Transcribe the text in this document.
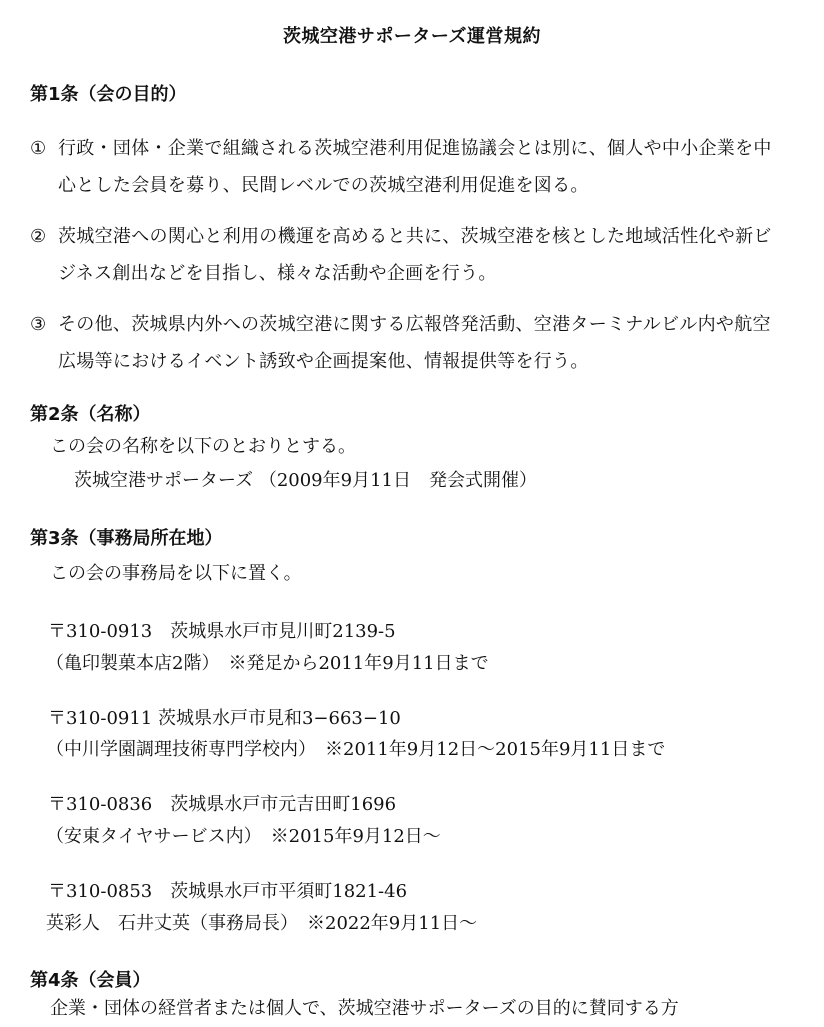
茨城空港サポーターズ運営規約
第1条（会の目的）
① 行政・団体・企業で組織される茨城空港利用促進協議会とは別に、個人や中小企業を中
心とした会員を募り、民間レベルでの茨城空港利用促進を図る。
② 茨城空港への関心と利用の機運を高めると共に、茨城空港を核とした地域活性化や新ビ
ジネス創出などを目指し、様々な活動や企画を行う。
③ その他、茨城県内外への茨城空港に関する広報啓発活動、空港ターミナルビル内や航空
広場等におけるイベント誘致や企画提案他、情報提供等を行う。
第2条（名称）
この会の名称を以下のとおりとする。
茨城空港サポーターズ （2009年9月11日　発会式開催）
第3条（事務局所在地）
この会の事務局を以下に置く。
〒310-0913　茨城県水戸市見川町2139-5
（亀印製菓本店2階）　※発足から2011年9月11日まで
〒310-0911 茨城県水戸市見和3−663−10
（中川学園調理技術専門学校内）　※2011年9月12日～2015年9月11日まで
〒310-0836　茨城県水戸市元吉田町1696
（安東タイヤサービス内）　※2015年9月12日～
〒310-0853　茨城県水戸市平須町1821-46
英彩人　石井丈英（事務局長）　※2022年9月11日～
第4条（会員）
企業・団体の経営者または個人で、茨城空港サポーターズの目的に賛同する方
